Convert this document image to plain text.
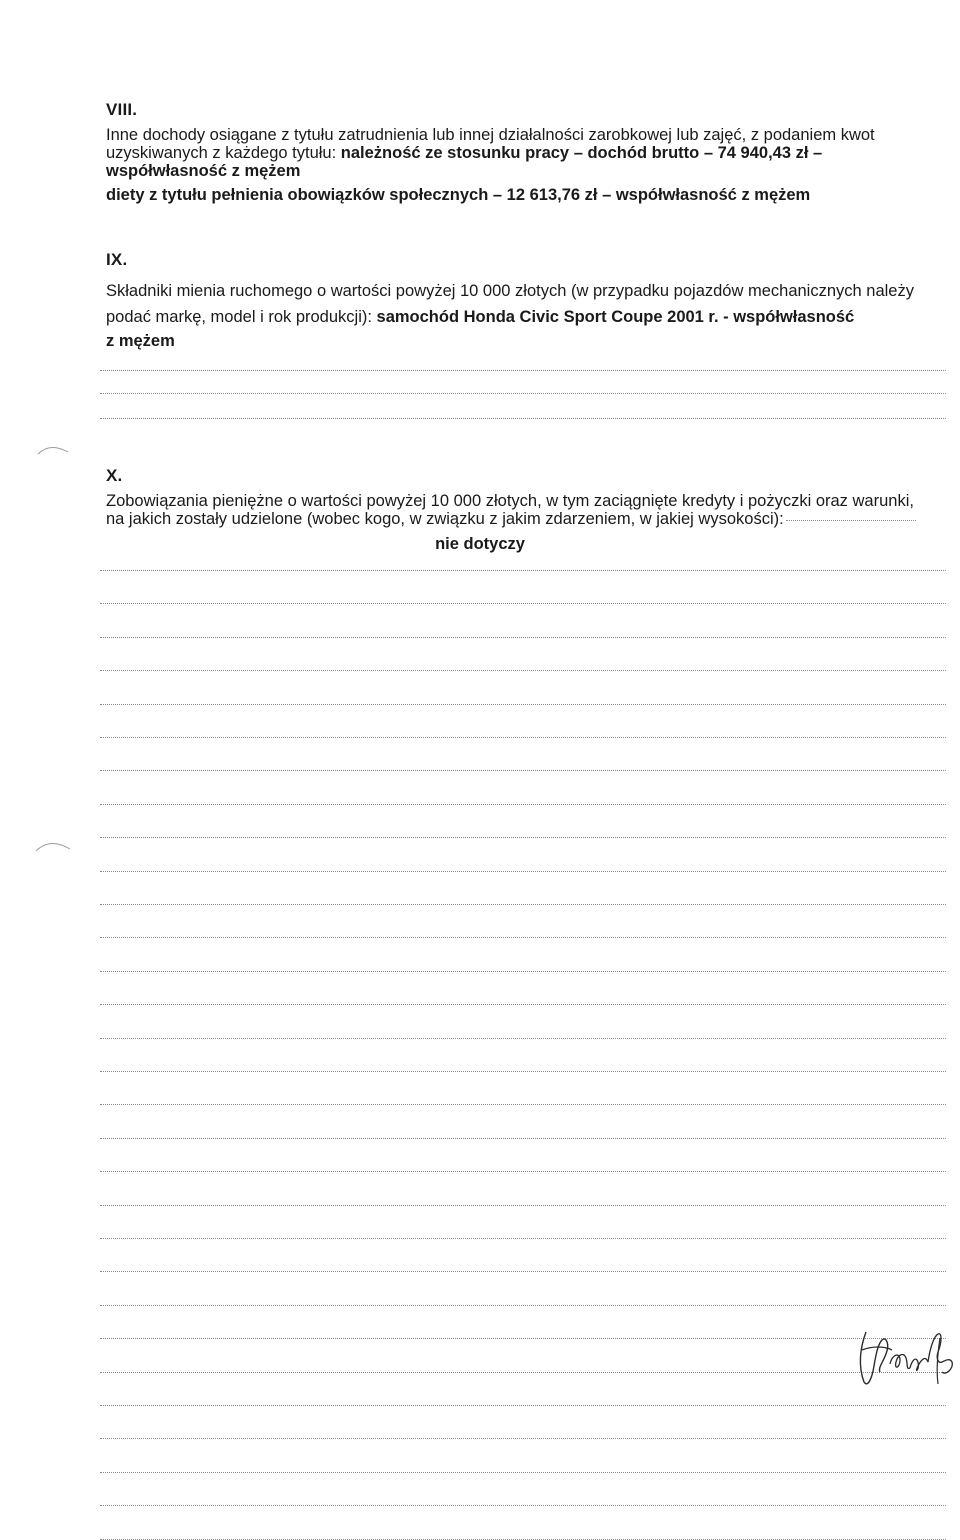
VIII.
Inne dochody osiągane z tytułu zatrudnienia lub innej działalności zarobkowej lub zajęć, z podaniem kwot
uzyskiwanych z każdego tytułu: należność ze stosunku pracy – dochód brutto – 74 940,43 zł –
współwłasność z mężem
diety z tytułu pełnienia obowiązków społecznych – 12 613,76 zł – współwłasność z mężem
IX.
Składniki mienia ruchomego o wartości powyżej 10 000 złotych (w przypadku pojazdów mechanicznych należy
podać markę, model i rok produkcji): samochód Honda Civic Sport Coupe 2001 r. - współwłasność
z mężem
X.
Zobowiązania pieniężne o wartości powyżej 10 000 złotych, w tym zaciągnięte kredyty i pożyczki oraz warunki,
na jakich zostały udzielone (wobec kogo, w związku z jakim zdarzeniem, w jakiej wysokości):
nie dotyczy
